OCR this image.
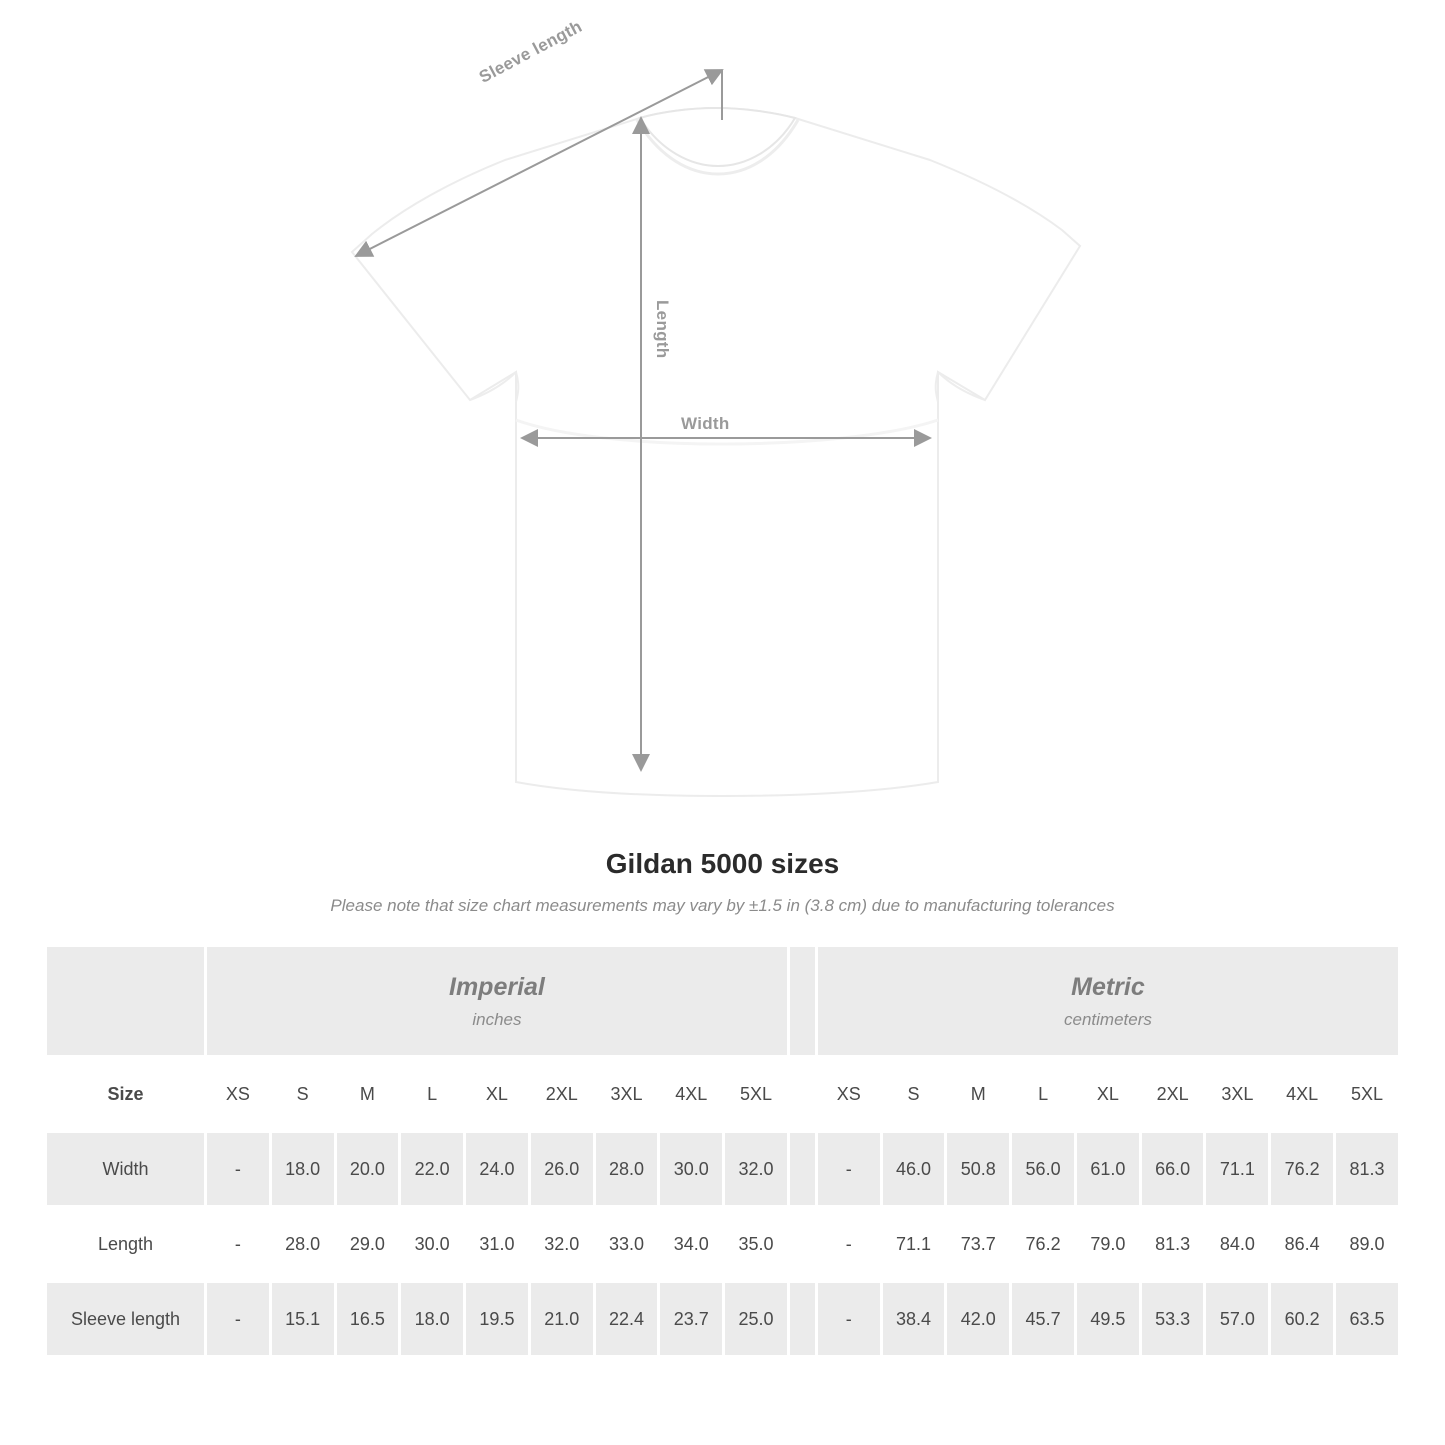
Sleeve length
Length
Width
Gildan 5000 sizes
Please note that size chart measurements may vary by ±1.5 in (3.8 cm) due to manufacturing tolerances

	Imperial
inches										Metric
centimeters								

Size	XS	S	M	L	XL	2XL	3XL	4XL	5XL		XS	S	M	L	XL	2XL	3XL	4XL	5XL
Width	-	18.0	20.0	22.0	24.0	26.0	28.0	30.0	32.0		-	46.0	50.8	56.0	61.0	66.0	71.1	76.2	81.3
Length	-	28.0	29.0	30.0	31.0	32.0	33.0	34.0	35.0		-	71.1	73.7	76.2	79.0	81.3	84.0	86.4	89.0
Sleeve length	-	15.1	16.5	18.0	19.5	21.0	22.4	23.7	25.0		-	38.4	42.0	45.7	49.5	53.3	57.0	60.2	63.5
